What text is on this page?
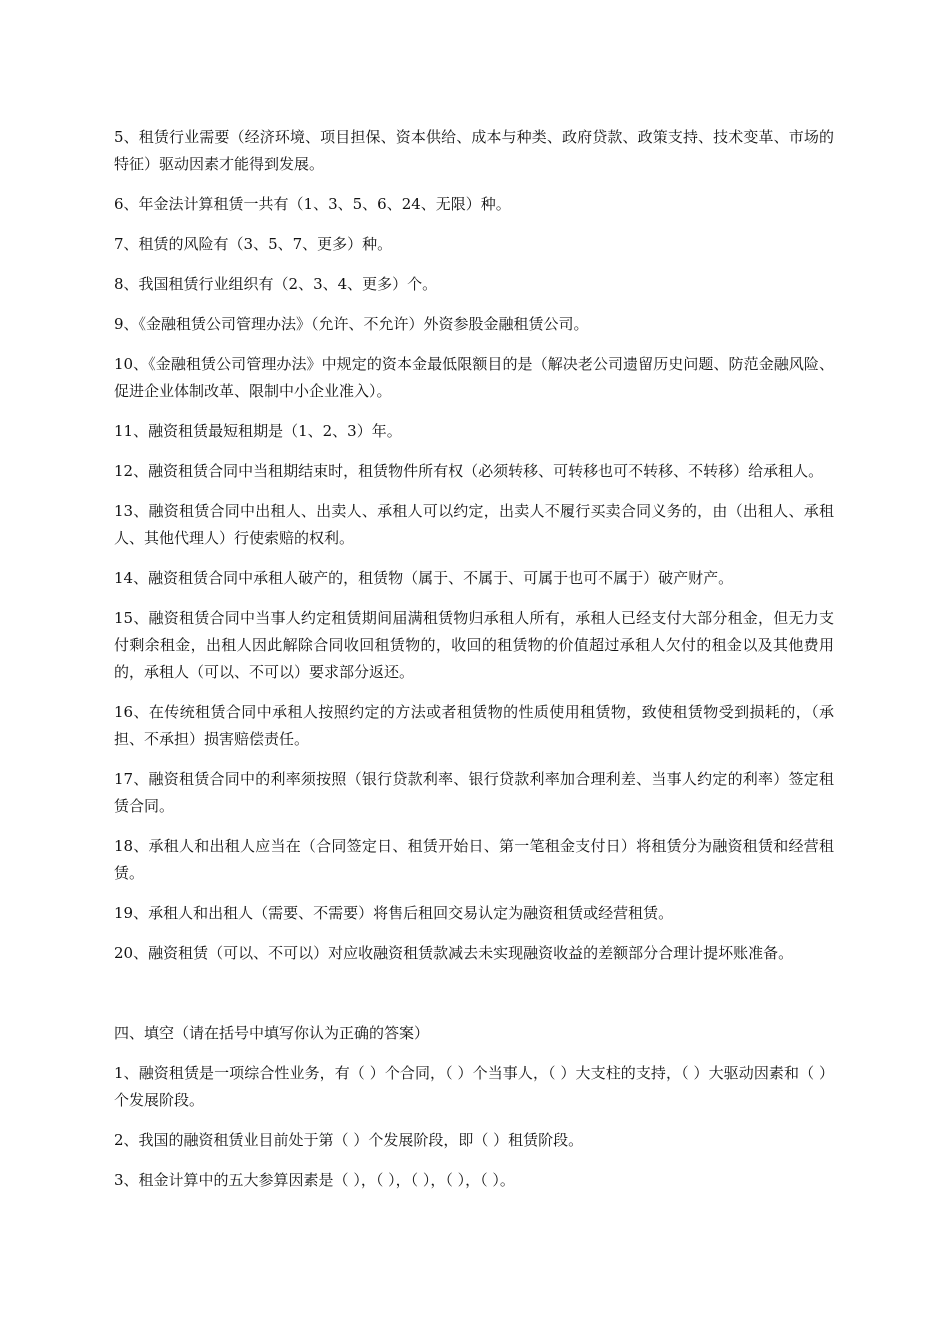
5、租赁行业需要（经济环境、项目担保、资本供给、成本与种类、政府贷款、政策支持、技术变革、市场的特征）驱动因素才能得到发展。

6、年金法计算租赁一共有（1、3、5、6、24、无限）种。

7、租赁的风险有（3、5、7、更多）种。

8、我国租赁行业组织有（2、3、4、更多）个。

9、《金融租赁公司管理办法》（允许、不允许）外资参股金融租赁公司。

10、《金融租赁公司管理办法》中规定的资本金最低限额目的是（解决老公司遗留历史问题、防范金融风险、促进企业体制改革、限制中小企业准入）。

11、融资租赁最短租期是（1、2、3）年。

12、融资租赁合同中当租期结束时，租赁物件所有权（必须转移、可转移也可不转移、不转移）给承租人。

13、融资租赁合同中出租人、出卖人、承租人可以约定，出卖人不履行买卖合同义务的，由（出租人、承租人、其他代理人）行使索赔的权利。

14、融资租赁合同中承租人破产的，租赁物（属于、不属于、可属于也可不属于）破产财产。

15、融资租赁合同中当事人约定租赁期间届满租赁物归承租人所有，承租人已经支付大部分租金，但无力支付剩余租金，出租人因此解除合同收回租赁物的，收回的租赁物的价值超过承租人欠付的租金以及其他费用的，承租人（可以、不可以）要求部分返还。

16、在传统租赁合同中承租人按照约定的方法或者租赁物的性质使用租赁物，致使租赁物受到损耗的，（承担、不承担）损害赔偿责任。

17、融资租赁合同中的利率须按照（银行贷款利率、银行贷款利率加合理利差、当事人约定的利率）签定租赁合同。

18、承租人和出租人应当在（合同签定日、租赁开始日、第一笔租金支付日）将租赁分为融资租赁和经营租赁。

19、承租人和出租人（需要、不需要）将售后租回交易认定为融资租赁或经营租赁。

20、融资租赁（可以、不可以）对应收融资租赁款减去未实现融资收益的差额部分合理计提坏账准备。

四、填空（请在括号中填写你认为正确的答案）

1、融资租赁是一项综合性业务，有（ ）个合同，（ ）个当事人，（ ）大支柱的支持，（ ）大驱动因素和（ ）个发展阶段。

2、我国的融资租赁业目前处于第（ ）个发展阶段，即（ ）租赁阶段。

3、租金计算中的五大参算因素是（ ），（ ），（ ），（ ），（ ）。
